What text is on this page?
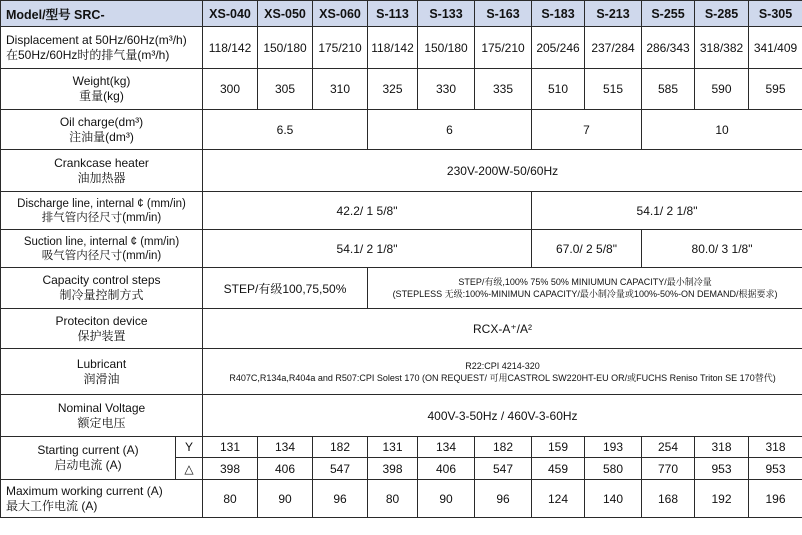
Model/型号 SRC-		XS-040	XS-050	XS-060	S-113	S-133	S-163	S-183	S-213	S-255	S-285	S-305

Displacement at 50Hz/60Hz(m³/h)
在50Hz/60Hz时的排气量(m³/h)		118/142	150/180	175/210	118/142	150/180	175/210	205/246	237/284	286/343	318/382	341/409

Weight(kg)
重量(kg)		300	305	310	325	330	335	510	515	585	590	595

Oil charge(dm³)
注油量(dm³)		6.5			6			7		10		

Crankcase heater
油加热器		230V-200W-50/60Hz										

Discharge line, internal ¢ (mm/in)
排气管内径尺寸(mm/in)		42.2/ 1 5/8"						54.1/ 2 1/8"				

Suction line, internal ¢ (mm/in)
吸气管内径尺寸(mm/in)		54.1/ 2 1/8"						67.0/ 2 5/8"		80.0/ 3 1/8"		

Capacity control steps
制冷量控制方式		STEP/有级100,75,50%			STEP/有级,100% 75% 50% MINIUMUN CAPACITY/最小制冷量
(STEPLESS 无级:100%-MINIMUN CAPACITY/最小制冷量或100%-50%-ON DEMAND/根据要求)							

Proteciton device
保护装置		RCX-A⁺/A²										

Lubricant
润滑油		R22:CPI 4214-320
R407C,R134a,R404a and R507:CPI Solest 170 (ON REQUEST/ 可用CASTROL SW220HT-EU OR/或FUCHS Reniso Triton SE 170替代)										

Nominal Voltage
额定电压		400V-3-50Hz / 460V-3-60Hz										

Starting current (A)
启动电流 (A)	Y	131	134	182	131	134	182	159	193	254	318	318
	△	398	406	547	398	406	547	459	580	770	953	953

Maximum working current (A)
最大工作电流 (A)		80	90	96	80	90	96	124	140	168	192	196
